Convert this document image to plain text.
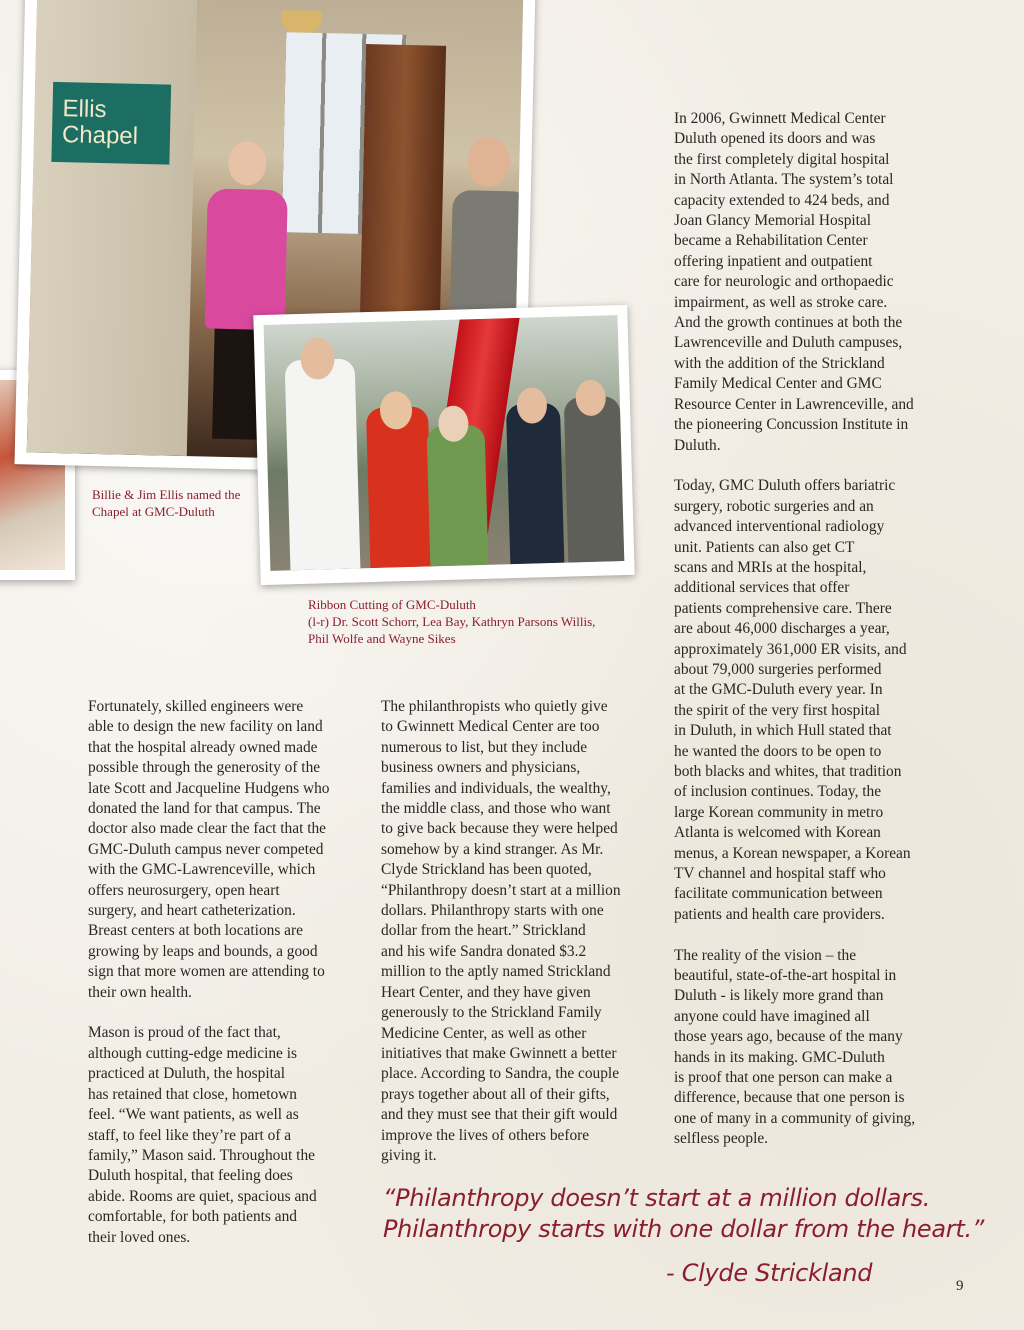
Ellis
Chapel
Billie & Jim Ellis named the
Chapel at GMC-Duluth
Ribbon Cutting of GMC-Duluth
(l-r) Dr. Scott Schorr, Lea Bay, Kathryn Parsons Willis,
Phil Wolfe and Wayne Sikes

Fortunately, skilled engineers were
able to design the new facility on land
that the hospital already owned made
possible through the generosity of the
late Scott and Jacqueline Hudgens who
donated the land for that campus. The
doctor also made clear the fact that the
GMC-Duluth campus never competed
with the GMC-Lawrenceville, which
offers neurosurgery, open heart
surgery, and heart catheterization.
Breast centers at both locations are
growing by leaps and bounds, a good
sign that more women are attending to
their own health.

Mason is proud of the fact that,
although cutting-edge medicine is
practiced at Duluth, the hospital
has retained that close, hometown
feel. “We want patients, as well as
staff, to feel like they’re part of a
family,” Mason said. Throughout the
Duluth hospital, that feeling does
abide. Rooms are quiet, spacious and
comfortable, for both patients and
their loved ones.

The philanthropists who quietly give
to Gwinnett Medical Center are too
numerous to list, but they include
business owners and physicians,
families and individuals, the wealthy,
the middle class, and those who want
to give back because they were helped
somehow by a kind stranger. As Mr.
Clyde Strickland has been quoted,
“Philanthropy doesn’t start at a million
dollars. Philanthropy starts with one
dollar from the heart.” Strickland
and his wife Sandra donated $3.2
million to the aptly named Strickland
Heart Center, and they have given
generously to the Strickland Family
Medicine Center, as well as other
initiatives that make Gwinnett a better
place. According to Sandra, the couple
prays together about all of their gifts,
and they must see that their gift would
improve the lives of others before
giving it.

In 2006, Gwinnett Medical Center
Duluth opened its doors and was
the first completely digital hospital
in North Atlanta. The system’s total
capacity extended to 424 beds, and
Joan Glancy Memorial Hospital
became a Rehabilitation Center
offering inpatient and outpatient
care for neurologic and orthopaedic
impairment, as well as stroke care.
And the growth continues at both the
Lawrenceville and Duluth campuses,
with the addition of the Strickland
Family Medical Center and GMC
Resource Center in Lawrenceville, and
the pioneering Concussion Institute in
Duluth.

Today, GMC Duluth offers bariatric
surgery, robotic surgeries and an
advanced interventional radiology
unit. Patients can also get CT
scans and MRIs at the hospital,
additional services that offer
patients comprehensive care. There
are about 46,000 discharges a year,
approximately 361,000 ER visits, and
about 79,000 surgeries performed
at the GMC-Duluth every year. In
the spirit of the very first hospital
in Duluth, in which Hull stated that
he wanted the doors to be open to
both blacks and whites, that tradition
of inclusion continues. Today, the
large Korean community in metro
Atlanta is welcomed with Korean
menus, a Korean newspaper, a Korean
TV channel and hospital staff who
facilitate communication between
patients and health care providers.

The reality of the vision – the
beautiful, state-of-the-art hospital in
Duluth - is likely more grand than
anyone could have imagined all
those years ago, because of the many
hands in its making. GMC-Duluth
is proof that one person can make a
difference, because that one person is
one of many in a community of giving,
selfless people.

“Philanthropy doesn’t start at a million dollars.
Philanthropy starts with one dollar from the heart.”
- Clyde Strickland	9
